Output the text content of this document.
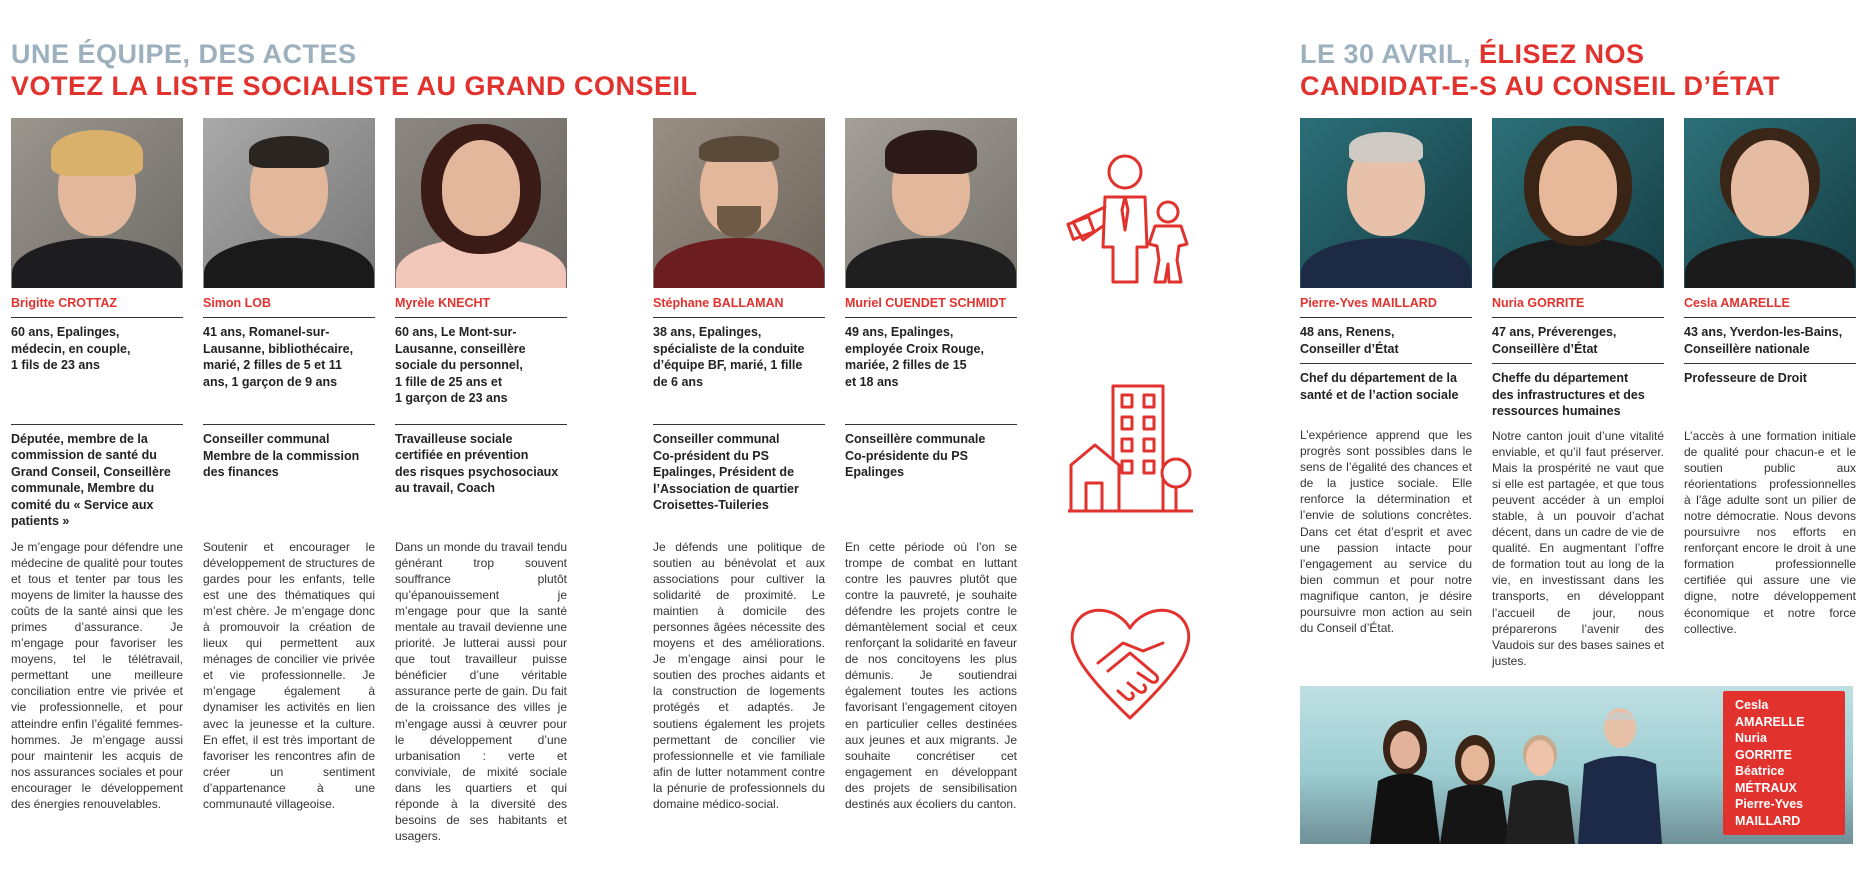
UNE ÉQUIPE, DES ACTES
VOTEZ LA LISTE SOCIALISTE AU GRAND CONSEIL
LE 30 AVRIL, ÉLISEZ NOS
CANDIDAT-E-S AU CONSEIL D’ÉTAT
Brigitte CROTTAZ
60 ans, Epalinges,
médecin, en couple,
1 fils de 23 ans
Députée, membre de la
commission de santé du
Grand Conseil, Conseillère
communale, Membre du
comité du « Service aux
patients »
Je m’engage pour défendre une médecine de qualité pour toutes et tous et tenter par tous les moyens de limiter la hausse des coûts de la santé ainsi que les primes d’assurance. Je m’engage pour favoriser les moyens, tel le télétravail, permettant une meilleure conciliation entre vie privée et vie professionnelle, et pour atteindre enfin l’égalité femmes-hommes. Je m’engage aussi pour maintenir les acquis de nos assurances sociales et pour encourager le développement des énergies renouvelables.
Simon LOB
41 ans, Romanel-sur-
Lausanne, bibliothécaire,
marié, 2 filles de 5 et 11
ans, 1 garçon de 9 ans
Conseiller communal
Membre de la commission
des finances
Soutenir et encourager le développement de structures de gardes pour les enfants, telle est une des thématiques qui m’est chère. Je m’engage donc à promouvoir la création de lieux qui permettent aux ménages de concilier vie privée et vie professionnelle. Je m’engage également à dynamiser les activités en lien avec la jeunesse et la culture. En effet, il est très important de favoriser les rencontres afin de créer un sentiment d’appartenance à une communauté villageoise.
Myrèle KNECHT
60 ans, Le Mont-sur-
Lausanne, conseillère
sociale du personnel,
1 fille de 25 ans et
1 garçon de 23 ans
Travailleuse sociale
certifiée en prévention
des risques psychosociaux
au travail, Coach
Dans un monde du travail tendu générant trop souvent souffrance plutôt qu’épanouissement je m’engage pour que la santé mentale au travail devienne une priorité. Je lutterai aussi pour que tout travailleur puisse bénéficier d’une véritable assurance perte de gain. Du fait de la croissance des villes je m’engage aussi à œuvrer pour le développement d’une urbanisation : verte et conviviale, de mixité sociale dans les quartiers et qui réponde à la diversité des besoins de ses habitants et usagers.
Stéphane BALLAMAN
38 ans, Epalinges,
spécialiste de la conduite
d’équipe BF, marié, 1 fille
de 6 ans
Conseiller communal
Co-président du PS
Epalinges, Président de
l’Association de quartier
Croisettes-Tuileries
Je défends une politique de soutien au bénévolat et aux associations pour cultiver la solidarité de proximité. Le maintien à domicile des personnes âgées nécessite des moyens et des améliorations. Je m’engage ainsi pour le soutien des proches aidants et la construction de logements protégés et adaptés. Je soutiens également les projets permettant de concilier vie professionnelle et vie familiale afin de lutter notamment contre la pénurie de professionnels du domaine médico-social.
Muriel CUENDET SCHMIDT
49 ans, Epalinges,
employée Croix Rouge,
mariée, 2 filles de 15
et 18 ans
Conseillère communale
Co-présidente du PS
Epalinges
En cette période où l’on se trompe de combat en luttant contre les pauvres plutôt que contre la pauvreté, je souhaite défendre les projets contre le démantèlement social et ceux renforçant la solidarité en faveur de nos concitoyens les plus démunis. Je soutiendrai également toutes les actions favorisant l’engagement citoyen en particulier celles destinées aux jeunes et aux migrants. Je souhaite concrétiser cet engagement en développant des projets de sensibilisation destinés aux écoliers du canton.
Pierre-Yves MAILLARD
48 ans, Renens,
Conseiller d’État
Chef du département de la
santé et de l’action sociale
L’expérience apprend que les progrès sont possibles dans le sens de l’égalité des chances et de la justice sociale. Elle renforce la détermination et l’envie de solutions concrètes. Dans cet état d’esprit et avec une passion intacte pour l’engagement au service du bien commun et pour notre magnifique canton, je désire poursuivre mon action au sein du Conseil d’État.
Nuria GORRITE
47 ans, Préverenges,
Conseillère d’État
Cheffe du département
des infrastructures et des
ressources humaines
Notre canton jouit d’une vitalité enviable, et qu’il faut préserver. Mais la prospérité ne vaut que si elle est partagée, et que tous peuvent accéder à un emploi stable, à un pouvoir d’achat décent, dans un cadre de vie de qualité. En augmentant l’offre de formation tout au long de la vie, en investissant dans les transports, en développant l’accueil de jour, nous préparerons l’avenir des Vaudois sur des bases saines et justes.
Cesla AMARELLE
43 ans, Yverdon-les-Bains,
Conseillère nationale
Professeure de Droit
L’accès à une formation initiale de qualité pour chacun-e et le soutien public aux réorientations professionnelles à l’âge adulte sont un pilier de notre démocratie. Nous devons poursuivre nos efforts en renforçant encore le droit à une formation professionnelle certifiée qui assure une vie digne, notre développement économique et notre force collective.
Cesla
AMARELLE
Nuria
GORRITE
Béatrice
MÉTRAUX
Pierre-Yves
MAILLARD
